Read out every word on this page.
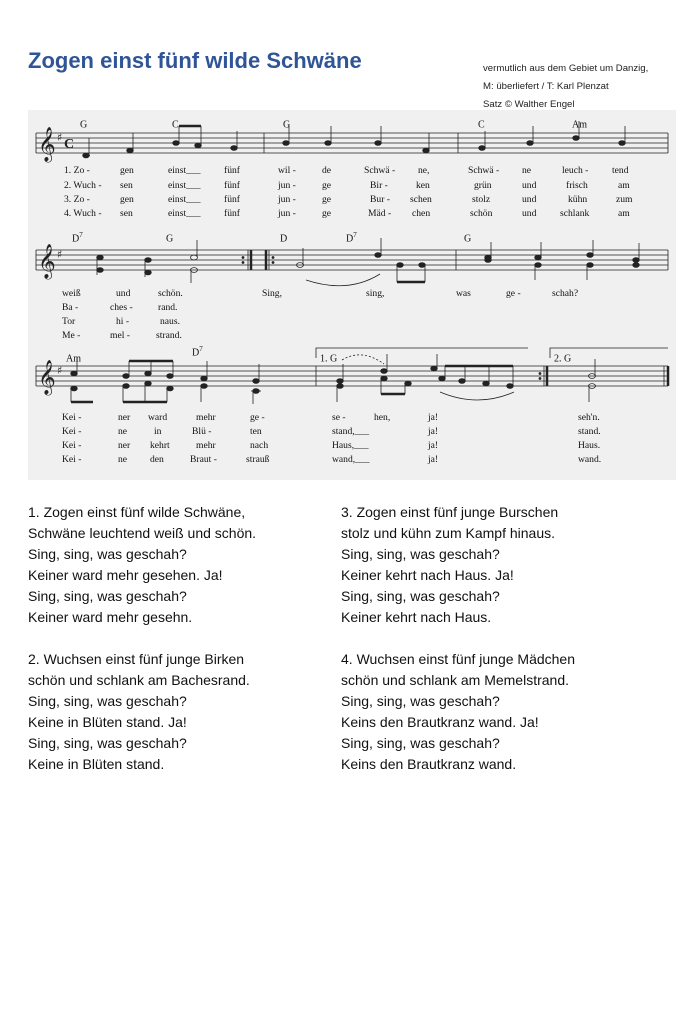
Zogen einst fünf wilde Schwäne	vermutlich aus dem Gebiet um Danzig,
M: überliefert / T: Karl Plenzat
Satz © Walther Engel
𝄞 ♯ C
G	C	G	C	Am
1. Zo -	gen	einst___ fünf	wil -	de	Schwä - ne,	Schwä - ne	leuch - tend
2. Wuch - sen	einst___ fünf	jun -	ge	Bir -	ken	grün	und	frisch	am
3. Zo -	gen	einst___ fünf	jun -	ge	Bur - schen	stolz	und	kühn	zum
4. Wuch - sen	einst___ fünf	jun -	ge	Mäd - chen	schön	und schlank	am
𝄞 ♯
$D^7$	G	D	$D^7$	G
weiß	und	schön.	Sing,	sing,	was	ge -	schah?
Ba -	ches -	rand.
Tor	hi -	naus.
Me -	mel -	strand.
𝄞 ♯
Am
$D^7$
1. G	2. G
Kei -	ner ward	mehr	ge -	se -	hen,	ja!	seh'n.
Kei -	ne	in	Blü -	ten	stand,___	ja!	stand.
Kei -	ner kehrt	mehr	nach	Haus,___	ja!	Haus.
Kei -	ne den	Braut -	strauß	wand,___	ja!	wand.
1. Zogen einst fünf wilde Schwäne,
Schwäne leuchtend weiß und schön.
Sing, sing, was geschah?
Keiner ward mehr gesehen. Ja!
Sing, sing, was geschah?
Keiner ward mehr gesehn.
2. Wuchsen einst fünf junge Birken
schön und schlank am Bachesrand.
Sing, sing, was geschah?
Keine in Blüten stand. Ja!
Sing, sing, was geschah?
Keine in Blüten stand.
3. Zogen einst fünf junge Burschen
stolz und kühn zum Kampf hinaus.
Sing, sing, was geschah?
Keiner kehrt nach Haus. Ja!
Sing, sing, was geschah?
Keiner kehrt nach Haus.
4. Wuchsen einst fünf junge Mädchen
schön und schlank am Memelstrand.
Sing, sing, was geschah?
Keins den Brautkranz wand. Ja!
Sing, sing, was geschah?
Keins den Brautkranz wand.
